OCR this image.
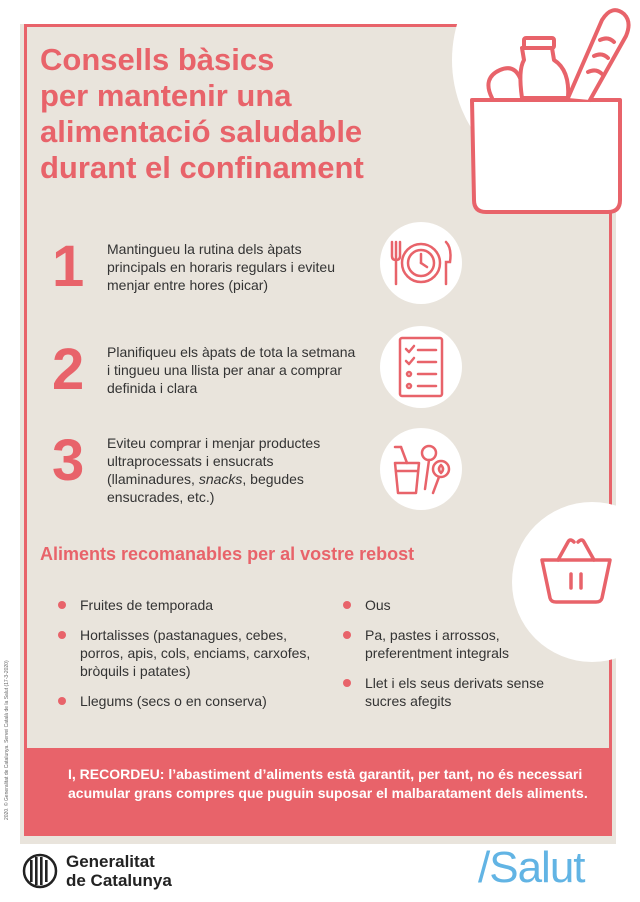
Consells bàsics
per mantenir una
alimentació saludable
durant el confinament
1 Mantingueu la rutina dels àpats principals en horaris regulars i eviteu menjar entre hores (picar)
2 Planifiqueu els àpats de tota la setmana i tingueu una llista per anar a comprar definida i clara
3 Eviteu comprar i menjar productes ultraprocessats i ensucrats (llaminadures, snacks, begudes ensucrades, etc.)
Aliments recomanables per al vostre rebost
Fruites de temporada
Hortalisses (pastanagues, cebes, porros, apis, cols, enciams, carxofes, bròquils i patates)
Llegums (secs o en conserva)
Ous
Pa, pastes i arrossos, preferentment integrals
Llet i els seus derivats sense sucres afegits

I, RECORDEU: l’abastiment d’aliments està garantit, per tant, no és necessari acumular grans compres que puguin suposar el malbaratament dels aliments.

2020. © Generalitat de Catalunya. Servei Català de la Salut (17-3-2020)
Generalitat
de Catalunya	/Salut
